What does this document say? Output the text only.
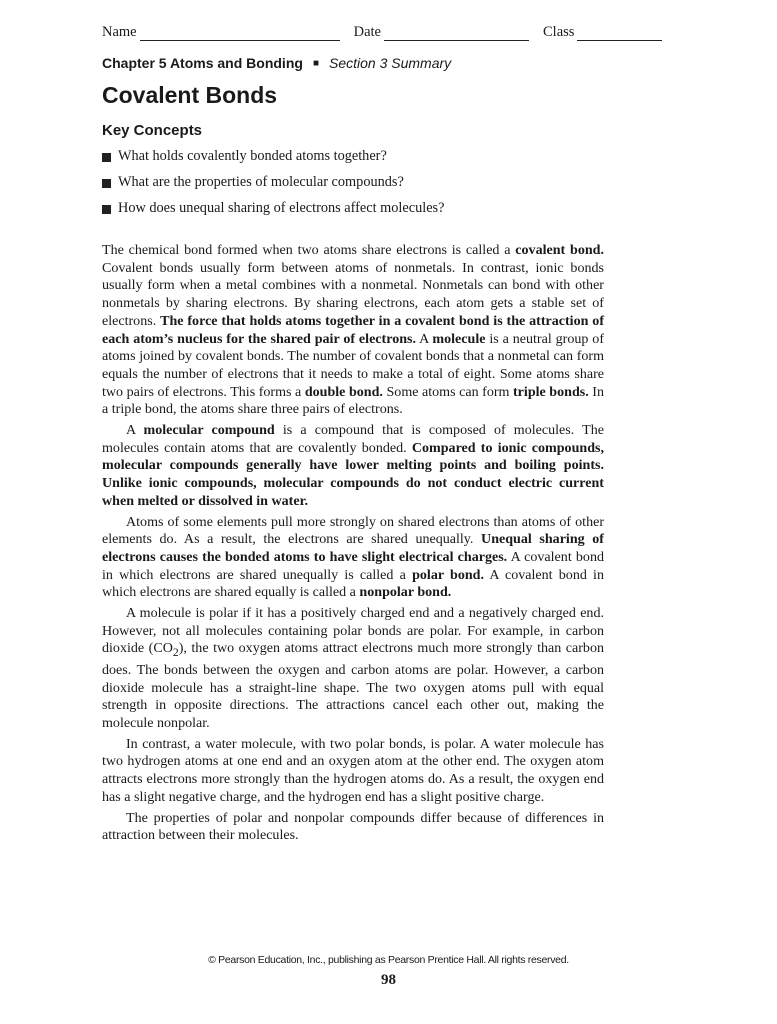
Name	Date	Class
Chapter 5 Atoms and Bonding ■ Section 3 Summary
Covalent Bonds
Key Concepts
What holds covalently bonded atoms together?
What are the properties of molecular compounds?
How does unequal sharing of electrons affect molecules?

The chemical bond formed when two atoms share electrons is called a covalent bond. Covalent bonds usually form between atoms of nonmetals. In contrast, ionic bonds usually form when a metal combines with a nonmetal. Nonmetals can bond with other nonmetals by sharing electrons. By sharing electrons, each atom gets a stable set of electrons. The force that holds atoms together in a covalent bond is the attraction of each atom’s nucleus for the shared pair of electrons. A molecule is a neutral group of atoms joined by covalent bonds. The number of covalent bonds that a nonmetal can form equals the number of electrons that it needs to make a total of eight. Some atoms share two pairs of electrons. This forms a double bond. Some atoms can form triple bonds. In a triple bond, the atoms share three pairs of electrons.

A molecular compound is a compound that is composed of molecules. The molecules contain atoms that are covalently bonded. Compared to ionic compounds, molecular compounds generally have lower melting points and boiling points. Unlike ionic compounds, molecular compounds do not conduct electric current when melted or dissolved in water.

Atoms of some elements pull more strongly on shared electrons than atoms of other elements do. As a result, the electrons are shared unequally. Unequal sharing of electrons causes the bonded atoms to have slight electrical charges. A covalent bond in which electrons are shared unequally is called a polar bond. A covalent bond in which electrons are shared equally is called a nonpolar bond.

A molecule is polar if it has a positively charged end and a negatively charged end. However, not all molecules containing polar bonds are polar. For example, in carbon dioxide $(CO_2)$, the two oxygen atoms attract electrons much more strongly than carbon does. The bonds between the oxygen and carbon atoms are polar. However, a carbon dioxide molecule has a straight-line shape. The two oxygen atoms pull with equal strength in opposite directions. The attractions cancel each other out, making the molecule nonpolar.

In contrast, a water molecule, with two polar bonds, is polar. A water molecule has two hydrogen atoms at one end and an oxygen atom at the other end. The oxygen atom attracts electrons more strongly than the hydrogen atoms do. As a result, the oxygen end has a slight negative charge, and the hydrogen end has a slight positive charge.

The properties of polar and nonpolar compounds differ because of differences in attraction between their molecules.

© Pearson Education, Inc., publishing as Pearson Prentice Hall. All rights reserved.
98
